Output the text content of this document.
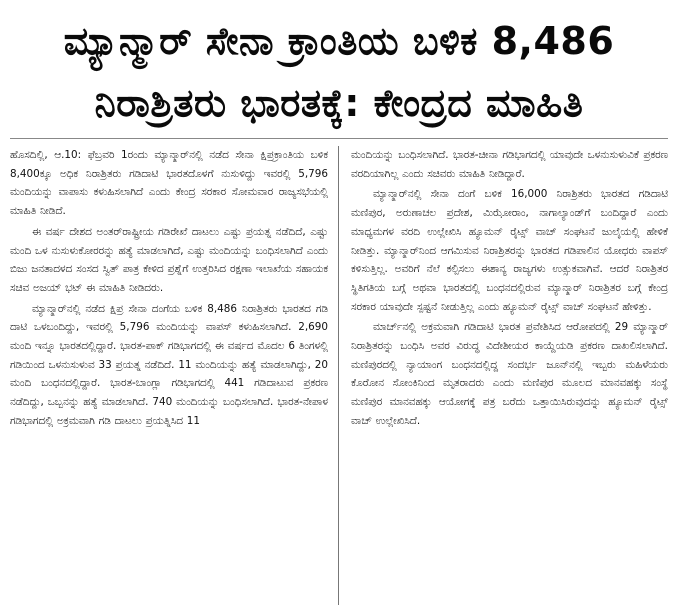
ಮ್ಯಾನ್ಮಾರ್ ಸೇನಾ ಕ್ರಾಂತಿಯ ಬಳಿಕ 8,486
ನಿರಾಶ್ರಿತರು ಭಾರತಕ್ಕೆ: ಕೇಂದ್ರದ ಮಾಹಿತಿ

ಹೊಸದಿಲ್ಲಿ, ಆ.10: ಫೆಬ್ರವರಿ 1ರಂದು ಮ್ಯಾನ್ಮಾರ್‌ನಲ್ಲಿ ನಡೆದ ಸೇನಾ ಕ್ಷಿಪ್ರಕ್ರಾಂತಿಯ ಬಳಿಕ 8,400ಕ್ಕೂ ಅಧಿಕ ನಿರಾಶ್ರಿತರು ಗಡಿದಾಟಿ ಭಾರತದೊಳಗೆ ನುಸುಳಿದ್ದು ಇವರಲ್ಲಿ 5,796 ಮಂದಿಯನ್ನು ವಾಪಾಸು ಕಳುಹಿಸಲಾಗಿದೆ ಎಂದು ಕೇಂದ್ರ ಸರಕಾರ ಸೋಮವಾರ ರಾಜ್ಯಸಭೆಯಲ್ಲಿ ಮಾಹಿತಿ ನೀಡಿದೆ.

ಈ ವರ್ಷ ದೇಶದ ಅಂತರ್‌ರಾಷ್ಟ್ರೀಯ ಗಡಿರೇಖೆ ದಾಟಲು ಎಷ್ಟು ಪ್ರಯತ್ನ ನಡೆದಿದೆ, ಎಷ್ಟು ಮಂದಿ ಒಳ ನುಸುಳುಕೋರರನ್ನು ಹತ್ಯೆ ಮಾಡಲಾಗಿದೆ, ಎಷ್ಟು ಮಂದಿಯನ್ನು ಬಂಧಿಸಲಾಗಿದೆ ಎಂದು ಬಿಜು ಜನತಾದಳದ ಸಂಸದ ಸ್ವಿತ್ ಪಾತ್ರ ಕೇಳಿದ ಪ್ರಶ್ನೆಗೆ ಉತ್ತರಿಸಿದ ರಕ್ಷಣಾ ಇಲಾಖೆಯ ಸಹಾಯಕ ಸಚಿವ ಅಜಯ್ ಭಟ್ ಈ ಮಾಹಿತಿ ನೀಡಿದರು.

ಮ್ಯಾನ್ಮಾರ್‌ನಲ್ಲಿ ನಡೆದ ಕ್ಷಿಪ್ರ ಸೇನಾ ದಂಗೆಯ ಬಳಿಕ 8,486 ನಿರಾಶ್ರಿತರು ಭಾರತದ ಗಡಿ ದಾಟಿ ಒಳಬಂದಿದ್ದು, ಇವರಲ್ಲಿ 5,796 ಮಂದಿಯನ್ನು ವಾಪಸ್ ಕಳುಹಿಸಲಾಗಿದೆ. 2,690 ಮಂದಿ ಇನ್ನೂ ಭಾರತದಲ್ಲಿದ್ದಾರೆ. ಭಾರತ-ಪಾಕ್ ಗಡಿಭಾಗದಲ್ಲಿ ಈ ವರ್ಷದ ಮೊದಲ 6 ತಿಂಗಳಲ್ಲಿ ಗಡಿಯಿಂದ ಒಳನುಸುಳುವ 33 ಪ್ರಯತ್ನ ನಡೆದಿದೆ. 11 ಮಂದಿಯನ್ನು ಹತ್ಯೆ ಮಾಡಲಾಗಿದ್ದು, 20 ಮಂದಿ ಬಂಧನದಲ್ಲಿದ್ದಾರೆ. ಭಾರತ-ಬಾಂಗ್ಲಾ ಗಡಿಭಾಗದಲ್ಲಿ 441 ಗಡಿದಾಟುವ ಪ್ರಕರಣ ನಡೆದಿದ್ದು, ಒಬ್ಬನನ್ನು ಹತ್ಯೆ ಮಾಡಲಾಗಿದೆ. 740 ಮಂದಿಯನ್ನು ಬಂಧಿಸಲಾಗಿದೆ. ಭಾರತ-ನೇಪಾಳ ಗಡಿಭಾಗದಲ್ಲಿ ಅಕ್ರಮವಾಗಿ ಗಡಿ ದಾಟಲು ಪ್ರಯತ್ನಿಸಿದ 11

ಮಂದಿಯನ್ನು ಬಂಧಿಸಲಾಗಿದೆ. ಭಾರತ-ಚೀನಾ ಗಡಿಭಾಗದಲ್ಲಿ ಯಾವುದೇ ಒಳನುಸುಳುವಿಕೆ ಪ್ರಕರಣ ವರದಿಯಾಗಿಲ್ಲ ಎಂದು ಸಚಿವರು ಮಾಹಿತಿ ನೀಡಿದ್ದಾರೆ.

ಮ್ಯಾನ್ಮಾರ್‌ನಲ್ಲಿ ಸೇನಾ ದಂಗೆ ಬಳಿಕ 16,000 ನಿರಾಶ್ರಿತರು ಭಾರತದ ಗಡಿದಾಟಿ ಮಣಿಪುರ, ಅರುಣಾಚಲ ಪ್ರದೇಶ, ಮಿಝೋರಾಂ, ನಾಗಾಲ್ಯಾಂಡ್‌ಗೆ ಬಂದಿದ್ದಾರೆ ಎಂದು ಮಾಧ್ಯಮಗಳ ವರದಿ ಉಲ್ಲೇಖಿಸಿ ಹ್ಯೂಮನ್ ರೈಟ್ಸ್ ವಾಚ್ ಸಂಘಟನೆ ಜುಲೈಯಲ್ಲಿ ಹೇಳಿಕೆ ನೀಡಿತ್ತು. ಮ್ಯಾನ್ಮಾರ್‌ನಿಂದ ಆಗಮಿಸುವ ನಿರಾಶ್ರಿತರನ್ನು ಭಾರತದ ಗಡಿಪಾಲಿನ ಯೋಧರು ವಾಪಸ್ ಕಳಿಸುತ್ತಿಲ್ಲ. ಅವರಿಗೆ ನೆಲೆ ಕಲ್ಪಿಸಲು ಈಶಾನ್ಯ ರಾಜ್ಯಗಳು ಉತ್ಸುಕವಾಗಿವೆ. ಆದರೆ ನಿರಾಶ್ರಿತರ ಸ್ಥಿತಿಗತಿಯ ಬಗ್ಗೆ ಅಥವಾ ಭಾರತದಲ್ಲಿ ಬಂಧನದಲ್ಲಿರುವ ಮ್ಯಾನ್ಮಾರ್ ನಿರಾಶ್ರಿತರ ಬಗ್ಗೆ ಕೇಂದ್ರ ಸರಕಾರ ಯಾವುದೇ ಸ್ಪಷ್ಟನೆ ನೀಡುತ್ತಿಲ್ಲ ಎಂದು ಹ್ಯೂಮನ್ ರೈಟ್ಸ್ ವಾಚ್ ಸಂಘಟನೆ ಹೇಳಿತ್ತು.

ಮಾರ್ಚ್‌ನಲ್ಲಿ ಅಕ್ರಮವಾಗಿ ಗಡಿದಾಟಿ ಭಾರತ ಪ್ರವೇಶಿಸಿದ ಆರೋಪದಲ್ಲಿ 29 ಮ್ಯಾನ್ಮಾರ್ ನಿರಾಶ್ರಿತರನ್ನು ಬಂಧಿಸಿ ಅವರ ವಿರುದ್ಧ ವಿದೇಶೀಯರ ಕಾಯ್ದೆಯಡಿ ಪ್ರಕರಣ ದಾಖಲಿಸಲಾಗಿದೆ. ಮಣಿಪುರದಲ್ಲಿ ನ್ಯಾಯಾಂಗ ಬಂಧನದಲ್ಲಿದ್ದ ಸಂದರ್ಭ ಜೂನ್‌ನಲ್ಲಿ ಇಬ್ಬರು ಮಹಿಳೆಯರು ಕೊರೋನ ಸೋಂಕಿನಿಂದ ಮೃತರಾದರು ಎಂದು ಮಣಿಪುರ ಮೂಲದ ಮಾನವಹಕ್ಕು ಸಂಸ್ಥೆ ಮಣಿಪುರ ಮಾನವಹಕ್ಕು ಆಯೋಗಕ್ಕೆ ಪತ್ರ ಬರೆದು ಒತ್ತಾಯಿಸಿರುವುದನ್ನು ಹ್ಯೂಮನ್ ರೈಟ್ಸ್ ವಾಚ್ ಉಲ್ಲೇಖಿಸಿದೆ.
